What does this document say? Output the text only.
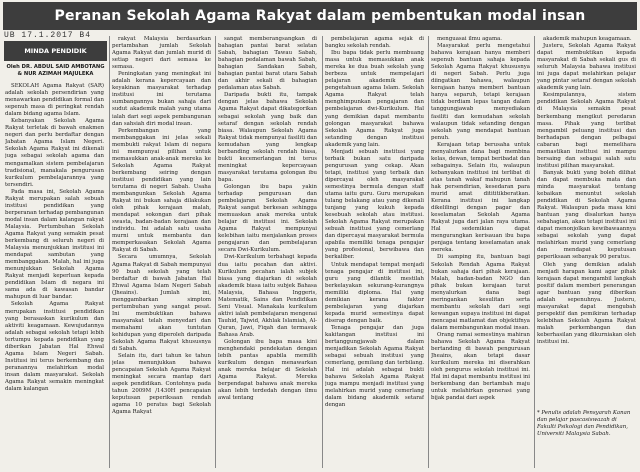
Peranan Sekolah Agama Rakyat dalam pembentukan modal insan
UB 17.1.2017 B4
MINDA PENDIDIK
Oleh DR. ABDUL SAID AMBOTANG & NUR AZIMAH MAJULEKA

SEKOLAH Agama Rakyat (SAR) adalah sekolah persendirian yang menawarkan pendidikan formal dan sepenuh masa di peringkat rendah dalam bidang agama Islam.

Kebanyakan Sekolah Agama Rakyat terletak di bawah enakmen negeri dan perlu berdaftar dengan Jabatan Agama Islam Negeri. Sekolah Agama Rakyat ini dikenali juga sebagai sekolah agama dan mengamalkan sistem pembelajaran tradisional, manakala pengurusan kurikulum pembelajarannya yang tersendiri.

Pada masa ini, Sekolah Agama Rakyat merupakan salah sebuah institusi pendidikan yang berperanan terhadap pembangunan modal insan dalam kalangan rakyat Malaysia. Pertumbuhan Sekolah Agama Rakyat yang semakin pesat berkembang di seluruh negeri di Malaysia menunjukkan institusi ini mendapat sambutan yang membanggakan. Malah, hal ini juga menunjukkan Sekolah Agama Rakyat menjadi keperluan kepada pendidikan Islam di negara ini sama ada di kawasan bandar mahupun di luar bandar.

Sekolah Agama Rakyat merupakan institusi pendidikan yang berasaskan kurikulum dan aktiviti keagamaan. Kewujudannya adalah sebagai sekolah tetapi lebih tertumpu kepada pendidikan yang diberikan Jabatan Hal Ehwal Agama Islam Negeri Sabah. Institusi ini terus berkembang dan peranannya melahirkan modal insan dalam masyarakat. Sekolah Agama Rakyat semakin meningkat dalam kalangan

rakyat Malaysia berdasarkan pertambahan jumlah Sekolah Agama Rakyat dan jumlah murid di setiap negeri dari semasa ke semasa.

Peningkatan yang meningkat ini adalah kerana kepercayaan dan keyakinan masyarakat terhadap institusi ini terutama sumbangannya bukan sahaja dari sudut akademik malah yang utama ialah dari segi aspek pembangunan dan sahsiah diri modal insan.

Perkembangan yang membanggakan ini jelas sekali membukti rakyat Islam di negara ini mempunyai pilihan untuk memasukkan anak-anak mereka ke Sekolah Agama Rakyat berkembang seiring dengan institusi pendidikan yang lain terutama di negeri Sabah. Usaha membangunkan Sekolah Agama Rakyat ini bukan sahaja dilakukan oleh pihak kerajaan malah, mendapat sokongan dari pihak swasta, badan-badan kerajaan dan individu. Ini adalah satu usaha murni untuk membantu dan memperkasakan Sekolah Agama Rakyat di Sabah.

Secara umumnya, Sekolah Agama Rakyat di Sabah mempunyai 90 buah sekolah yang telah berdaftar di bawah Jabatan Hal Ehwal Agama Islam Negeri Sabah (Jheains). Jumlah ini, menggambarkan simptom pertumbuhan yang sangat pesat. Ini membuktikan bahawa masyarakat telah menyedari dan memahami akan tuntutan kehidupan yang diperoleh daripada Sekolah Agama Rakyat khususnya di Sabah.

Selain itu, dari tahun ke tahun jelas menunjukkan bahawa pencapaian Sekolah Agama Rakyat meningkat secara mantap dari aspek pendidikan. Contohnya pada tahun 2009M /1430H pencapaian keputusan peperiksaan rendah agama 10 peratus bagi Sekolah Agama Rakyat

sangat memberangsangkan di bahagian pantai barat selatan Sabah, bahagian Tawau Sabah, bahagian pedalaman bawah Sabah, bahagian Sandakan Sabah, bahagian pantai barat utara Sabah dan akhir sekali di bahagian pedalaman atas Sabah.

Daripada bukti itu, tampak dengan jelas bahawa Sekolah Agama Rakyat dapat dikategorikan sebagai sekolah yang baik dan setaraf dengan sekolah rendah biasa. Walaupun Sekolah Agama Rakyat tidak mempunyai fasiliti dan kemudahan yang lengkap berbanding sekolah rendah biasa, bukti kecemerlangan ini terus meningkat kepercayaan masyarakat terutama golongan ibu bapa.

Golongan ibu bapa yakin terhadap pengurusan dan pembelajaran Sekolah Agama Rakyat sangat berkesan sehingga memuaskan anak mereka untuk belajar di institusi ini. Sekolah Agama Rakyat mempunyai kelebihan iaitu menjalankan proses pengajaran dan pembelajaran secara Dwi-Kurikulum.

Dwi-Kurikulum terbahagi kepada dua iaitu pecahan dan aktivi. Kurikulum pecahan ialah subjek biasa yang diajarkan di sekolah akademik biasa iaitu subjek Bahasa Malaysia, Bahasa Inggeris, Matematik, Sains dan Pendidikan Seni Visual. Manakala kurikulum aktivi ialah pembelajaran mengenai Tauhid, Tajwid, Akhlak Islamiah, Al-Quran, Jawi, Fiqah dan termasuk Bahasa Arab.

Golongan ibu bapa masa kini menghendaki pendekatan dengan lebih pantas apabila memilih kurikulum dengan menawarkan anak mereka belajar di Sekolah Agama Rakyat. Mereka berpendapat bahawa anak mereka akan lebih terdedah dengan ilmu awal tentang

pembelajaran agama sejak di bangku sekolah rendah.

Ibu bapa tidak perlu membuang masa untuk memasukkan anak mereka ke dua buah sekolah yang berbeza untuk mempelajari pelajaran akademik dan pengetahuan agama Islam. Sekolah Agama Rakyat telah menghimpunkan pengajaran dan pembelajaran dwi-Kurikulum. Hal yang demikian dapat membantu golongan masyarakat bahawa Sekolah Agama Rakyat juga setanding dengan institusi akademik yang lain.

Menjadi sebuah institusi yang terbaik bukan satu daripada pengurusan yang cekap. Akan tetapi, institusi yang terbaik dan dipercayai oleh masyarakat semestinya bermula dengan staff utama iaitu guru. Guru merupakan tulang belakang atau yang dikenali tunjang yang kukuh kepada kesebuah sekolah atau institusi. Sekolah Agama Rakyat merupakan sebuah institusi yang cemerlang dan dipercayai masyarakat bermula apabila memiliki tenaga pengajar yang profesional, berwibawa dan berkaliber.

Untuk mendapat tempat menjadi tenaga pengajar di institusi ini, guru yang dilantik mestilah berkelayakan sekurang-kurangnya memiliki diploma. Hal yang demikian kerana faktor pembelajaran yang diajarkan kepada murid semestinya dapat diserap dengan baik.

Tenaga pengajar dan juga kakitangan institusi ini bertanggungjawab dalam menjadikan Sekolah Agama Rakyat sebagai sebuah institusi yang cemerlang, gemilang dan terbilang. Hal ini adalah sebagai bukti bahawa Sekolah Agama Rakyat juga mampu menjadi institusi yang melahirkan murid yang cemerlang dalam bidang akademik setaraf dengan

menguasai ilmu agama.

Masyarakat perlu mengetahui bahawa kerajaan hanya memberi sepenuh bantuan sahaja kepada Sekolah Agama Rakyat khususnya di negeri Sabah. Perlu juga diingatkan bahawa, walaupun kerajaan hanya memberi bantuan hanya separuh, tetapi kerajaan tidak berdiam lepas tangan dalam tanggungjawab menyediakan fasiliti dan kemudahan sekolah walaupun tidak setanding dengan sekolah yang mendapat bantuan penuh.

Kerajaan tetap berusaha untuk menyalurkan dana bagi membina kelas, dewan, tempat beribadat dan sebagainya. Selain itu, walaupun kebanyakan institusi ini terlibat di atas tanah wakaf mahupun tanah hak persendirian, kesedaran para murid amat ditititikberatkan. Kerana institusi ini langkap dikelilingi dengan pagar dan keselamatan Sekolah Agama Rakyat juga dari jalan raya utama. Hal sedemikian dapat mengurangkan kerisauan ibu bapa penjaga tentang keselamatan anak mereka.

Di samping itu, bantuan bagi Sekolah Rendah Agama Rakyat bukan sahaja dari pihak kerajaan. Malah, badan-badan NGO dan pihak bukan kerajaan turut menyalurkan dana bagi meringankan kesulitan serta membantu sekolah dari segi kewangan supaya institusi ini dapat mencapai matlamat dan objektifnya dalam membangunkan modal insan.

Orang ramai semestinya mahiran bahawa Sekolah Agama Rakyat bertanding di bawah pengurusan Jheains, akan tetapi dasar kurikulum mereka ini diserahkan oleh pengurus sekolah institusi ini. Hal ini dapat membantu institusi ini berkembang dan bertambah maju untuk melahirkan generasi yang bijak pandai dari aspek

akademik mahupun keagamaan.

Justeru, Sekolah Agama Rakyat dapat membuktikan kepada masyarakat di Sabah sekali gus di seluruh Malaysia bahawa institusi ini juga dapat melahirkan pelajar yang pintar setaraf dengan sekolah akademik yang lain.

Kesimpulannya, sistem pendidikan Sekolah Agama Rakyat di Malaysia semakin pesat berkembang mengikut peredaran masa. Pihak yang terlibat mengambil peluang institusi dan berhadapan dengan pelbagai cabaran bagi memelihara memastikan institusi ini mampu bersaing dan sebagai salah satu institusi pilihan masyarakat.

Banyak bukti yang boleh dilihat dan dapat membuka mata dan minda masyarakat tentang kebaikan menuntut sekolah pendidikan di Sekolah Agama Rakyat. Walaupun pada masa kini bantuan yang disalurkan hanya sebahagian, akan tetapi institusi ini dapat menonjolkan kewibawaannya sebagai sekolah yang dapat melahirkan murid yang cemerlang dan mendapat keputusan peperiksaan sebanyak 90 peratus.

Oleh yang demikian adalah menjadi harapan kami agar pihak kerajaan dapat mengambil langkah positif dalam memberi penerangan agar bantuan yang diberikan adalah sepenuhnya. Justeru, masyarakat dapat mengubah perspektif dan pemikiran terhadap kelebihan Sekolah Agama Rakyat malah perkembangan dan keberhasilan yang dikurniakan oleh institusi ini.

* Penulis adalah Pensyarah Kanan dan pelajar pascasiswazah di Fakulti Psikologi dan Pendidikan, Universiti Malaysia Sabah.
